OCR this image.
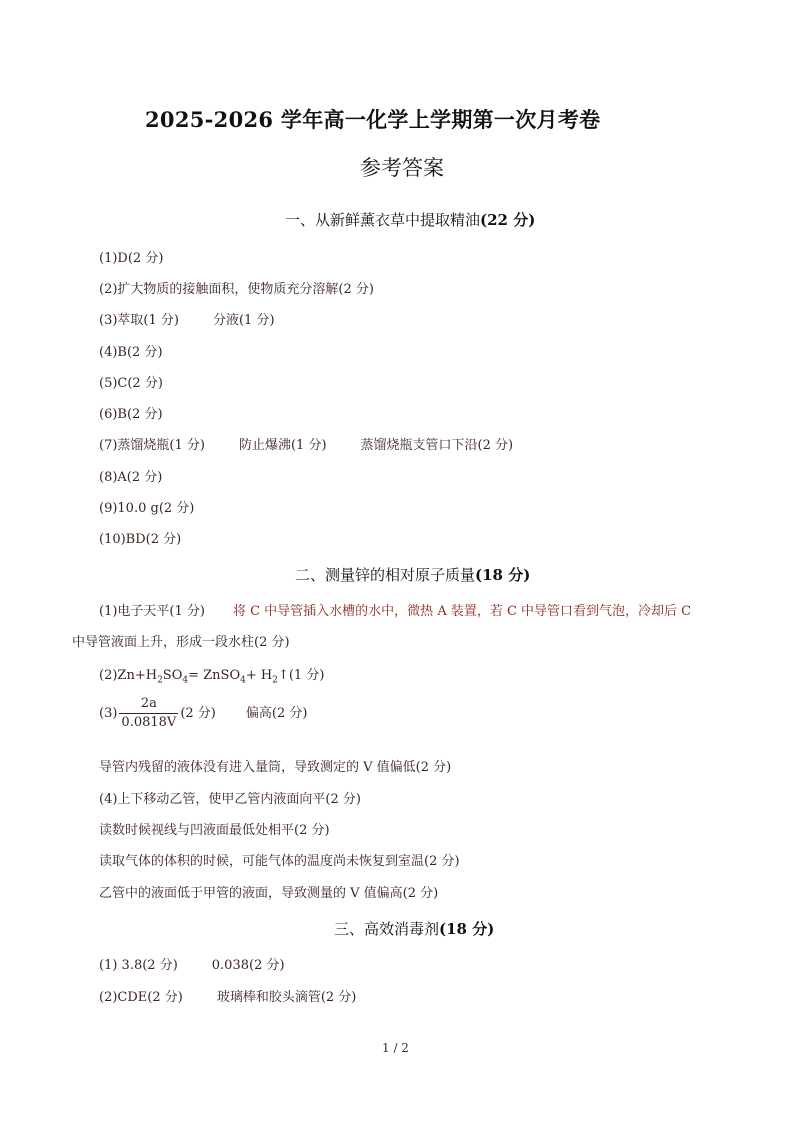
2025-2026 学年高一化学上学期第一次月考卷
参考答案
一、从新鲜薰衣草中提取精油(22 分)
(1)D(2 分)
(2)扩大物质的接触面积，使物质充分溶解(2 分)
(3)萃取(1 分)	分液(1 分)
(4)B(2 分)
(5)C(2 分)
(6)B(2 分)
(7)蒸馏烧瓶(1 分)	防止爆沸(1 分)	蒸馏烧瓶支管口下沿(2 分)
(8)A(2 分)
(9)10.0 g(2 分)
(10)BD(2 分)
二、测量锌的相对原子质量(18 分)
(1)电子天平(1 分) 将 C 中导管插入水槽的水中，微热 A 装置，若 C 中导管口看到气泡，冷却后 C
中导管液面上升，形成一段水柱(2 分)
$(2)Zn+H_2SO_4=$ ZnSO$_4$+ $H_2↑(1$ 分)
$(3) \frac{2a}{0.0818V} (2$ 分) 偏高(2 分)
导管内残留的液体没有进入量筒，导致测定的 V 值偏低(2 分)
(4)上下移动乙管，使甲乙管内液面向平(2 分)
读数时候视线与凹液面最低处相平(2 分)
读取气体的体积的时候，可能气体的温度尚未恢复到室温(2 分)
乙管中的液面低于甲管的液面，导致测量的 V 值偏高(2 分)
三、高效消毒剂(18 分)
(1) 3.8(2 分)	0.038(2 分)
(2)CDE(2 分)	玻璃棒和胶头滴管(2 分)
1 / 2
